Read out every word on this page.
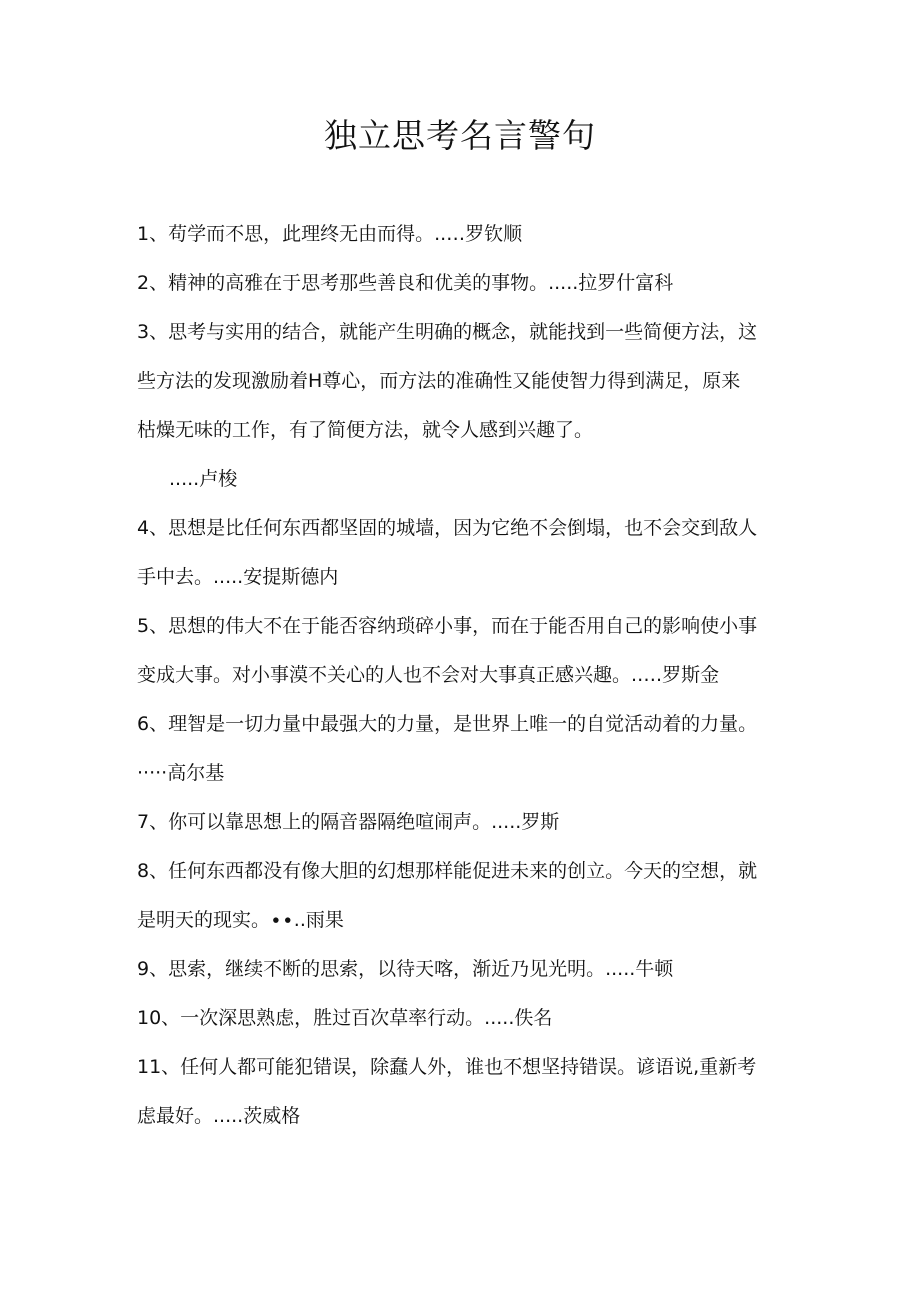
独立思考名言警句
1、苟学而不思，此理终无由而得。..…罗钦顺
2、精神的高雅在于思考那些善良和优美的事物。.....拉罗什富科
3、思考与实用的结合，就能产生明确的概念，就能找到一些简便方法，这
些方法的发现激励着H尊心，而方法的准确性又能使智力得到满足，原来
枯燥无味的工作，有了简便方法，就令人感到兴趣了。
.....卢梭
4、思想是比任何东西都坚固的城墙，因为它绝不会倒塌，也不会交到敌人
手中去。.....安提斯德内
5、思想的伟大不在于能否容纳琐碎小事，而在于能否用自己的影响使小事
变成大事。对小事漠不关心的人也不会对大事真正感兴趣。.….罗斯金
6、理智是一切力量中最强大的力量，是世界上唯一的自觉活动着的力量。
·····高尔基
7、你可以靠思想上的隔音器隔绝喧闹声。.....罗斯
8、任何东西都没有像大胆的幻想那样能促进未来的创立。今天的空想，就
是明天的现实。∙∙..雨果
9、思索，继续不断的思索，以待天喀，渐近乃见光明。.....牛顿
10、一次深思熟虑，胜过百次草率行动。.....佚名
11、任何人都可能犯错误，除蠢人外，谁也不想坚持错误。谚语说,重新考
虑最好。.....茨威格
